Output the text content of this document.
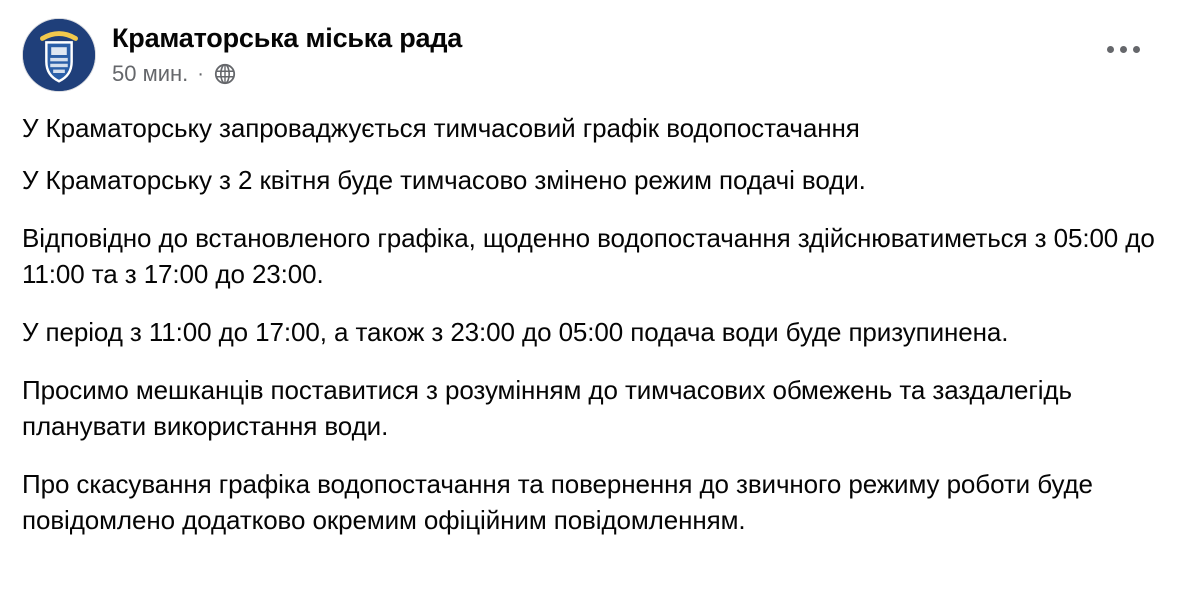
Краматорська міська рада
50 мин. ·

У Краматорську запроваджується тимчасовий графік водопостачання

У Краматорську з 2 квітня буде тимчасово змінено режим подачі води.

Відповідно до встановленого графіка, щоденно водопостачання здійснюватиметься з 05:00 до 11:00 та з 17:00 до 23:00.

У період з 11:00 до 17:00, а також з 23:00 до 05:00 подача води буде призупинена.

Просимо мешканців поставитися з розумінням до тимчасових обмежень та заздалегідь планувати використання води.

Про скасування графіка водопостачання та повернення до звичного режиму роботи буде повідомлено додатково окремим офіційним повідомленням.
